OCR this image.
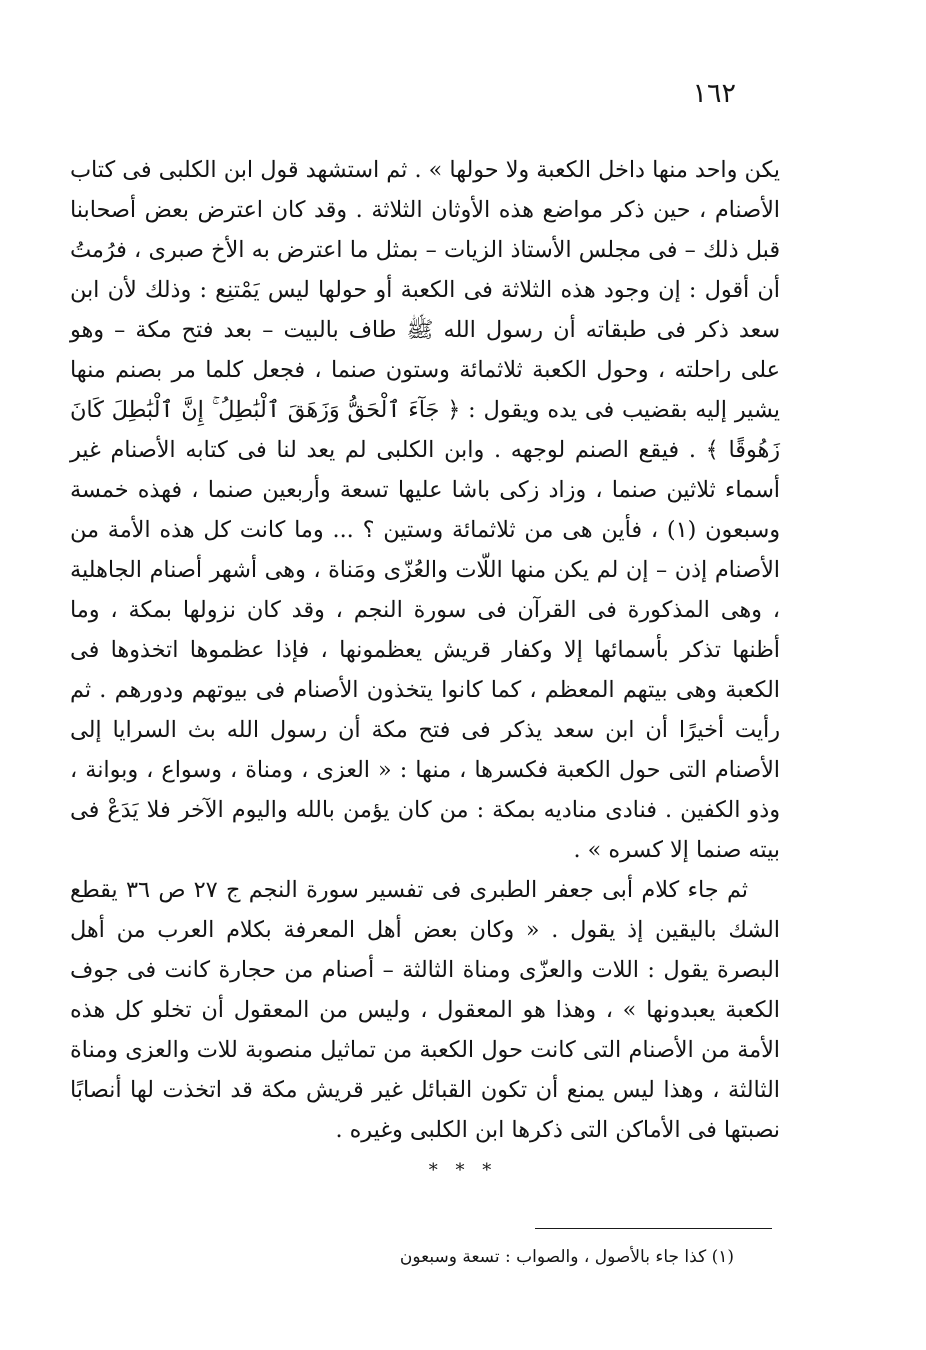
١٦٢

يكن واحد منها داخل الكعبة ولا حولها » . ثم استشهد قول ابن الكلبى فى كتاب الأصنام ، حين ذكر مواضع هذه الأوثان الثلاثة . وقد كان اعترض بعض أصحابنا قبل ذلك – فى مجلس الأستاذ الزيات – بمثل ما اعترض به الأخ صبرى ، فرُمتُ أن أقول : إن وجود هذه الثلاثة فى الكعبة أو حولها ليس يَمْتنِع : وذلك لأن ابن سعد ذكر فى طبقاته أن رسول الله ﷺ طاف بالبيت – بعد فتح مكة – وهو على راحلته ، وحول الكعبة ثلاثمائة وستون صنما ، فجعل كلما مر بصنم منها يشير إليه بقضيب فى يده ويقول : ﴿ جَآءَ ٱلْحَقُّ وَزَهَقَ ٱلْبَٰطِلُ ۚ إِنَّ ٱلْبَٰطِلَ كَانَ زَهُوقًا ﴾ . فيقع الصنم لوجهه . وابن الكلبى لم يعد لنا فى كتابه الأصنام غير أسماء ثلاثين صنما ، وزاد زكى باشا عليها تسعة وأربعين صنما ، فهذه خمسة وسبعون (١) ، فأين هى من ثلاثمائة وستين ؟ ... وما كانت كل هذه الأمة من الأصنام إذن – إن لم يكن منها اللّات والعُزّى ومَناة ، وهى أشهر أصنام الجاهلية ، وهى المذكورة فى القرآن فى سورة النجم ، وقد كان نزولها بمكة ، وما أظنها تذكر بأسمائها إلا وكفار قريش يعظمونها ، فإذا عظموها اتخذوها فى الكعبة وهى بيتهم المعظم ، كما كانوا يتخذون الأصنام فى بيوتهم ودورهم . ثم رأيت أخيرًا أن ابن سعد يذكر فى فتح مكة أن رسول الله بث السرايا إلى الأصنام التى حول الكعبة فكسرها ، منها : « العزى ، ومناة ، وسواع ، وبوانة ، وذو الكفين . فنادى مناديه بمكة : من كان يؤمن بالله واليوم الآخر فلا يَدَعْ فى بيته صنما إلا كسره » .

ثم جاء كلام أبى جعفر الطبرى فى تفسير سورة النجم ج ٢٧ ص ٣٦ يقطع الشك باليقين إذ يقول . « وكان بعض أهل المعرفة بكلام العرب من أهل البصرة يقول : اللات والعزّى ومناة الثالثة – أصنام من حجارة كانت فى جوف الكعبة يعبدونها » ، وهذا هو المعقول ، وليس من المعقول أن تخلو كل هذه الأمة من الأصنام التى كانت حول الكعبة من تماثيل منصوبة للات والعزى ومناة الثالثة ، وهذا ليس يمنع أن تكون القبائل غير قريش مكة قد اتخذت لها أنصابًا نصبتها فى الأماكن التى ذكرها ابن الكلبى وغيره .

* * *
(١) كذا جاء بالأصول ، والصواب : تسعة وسبعون
